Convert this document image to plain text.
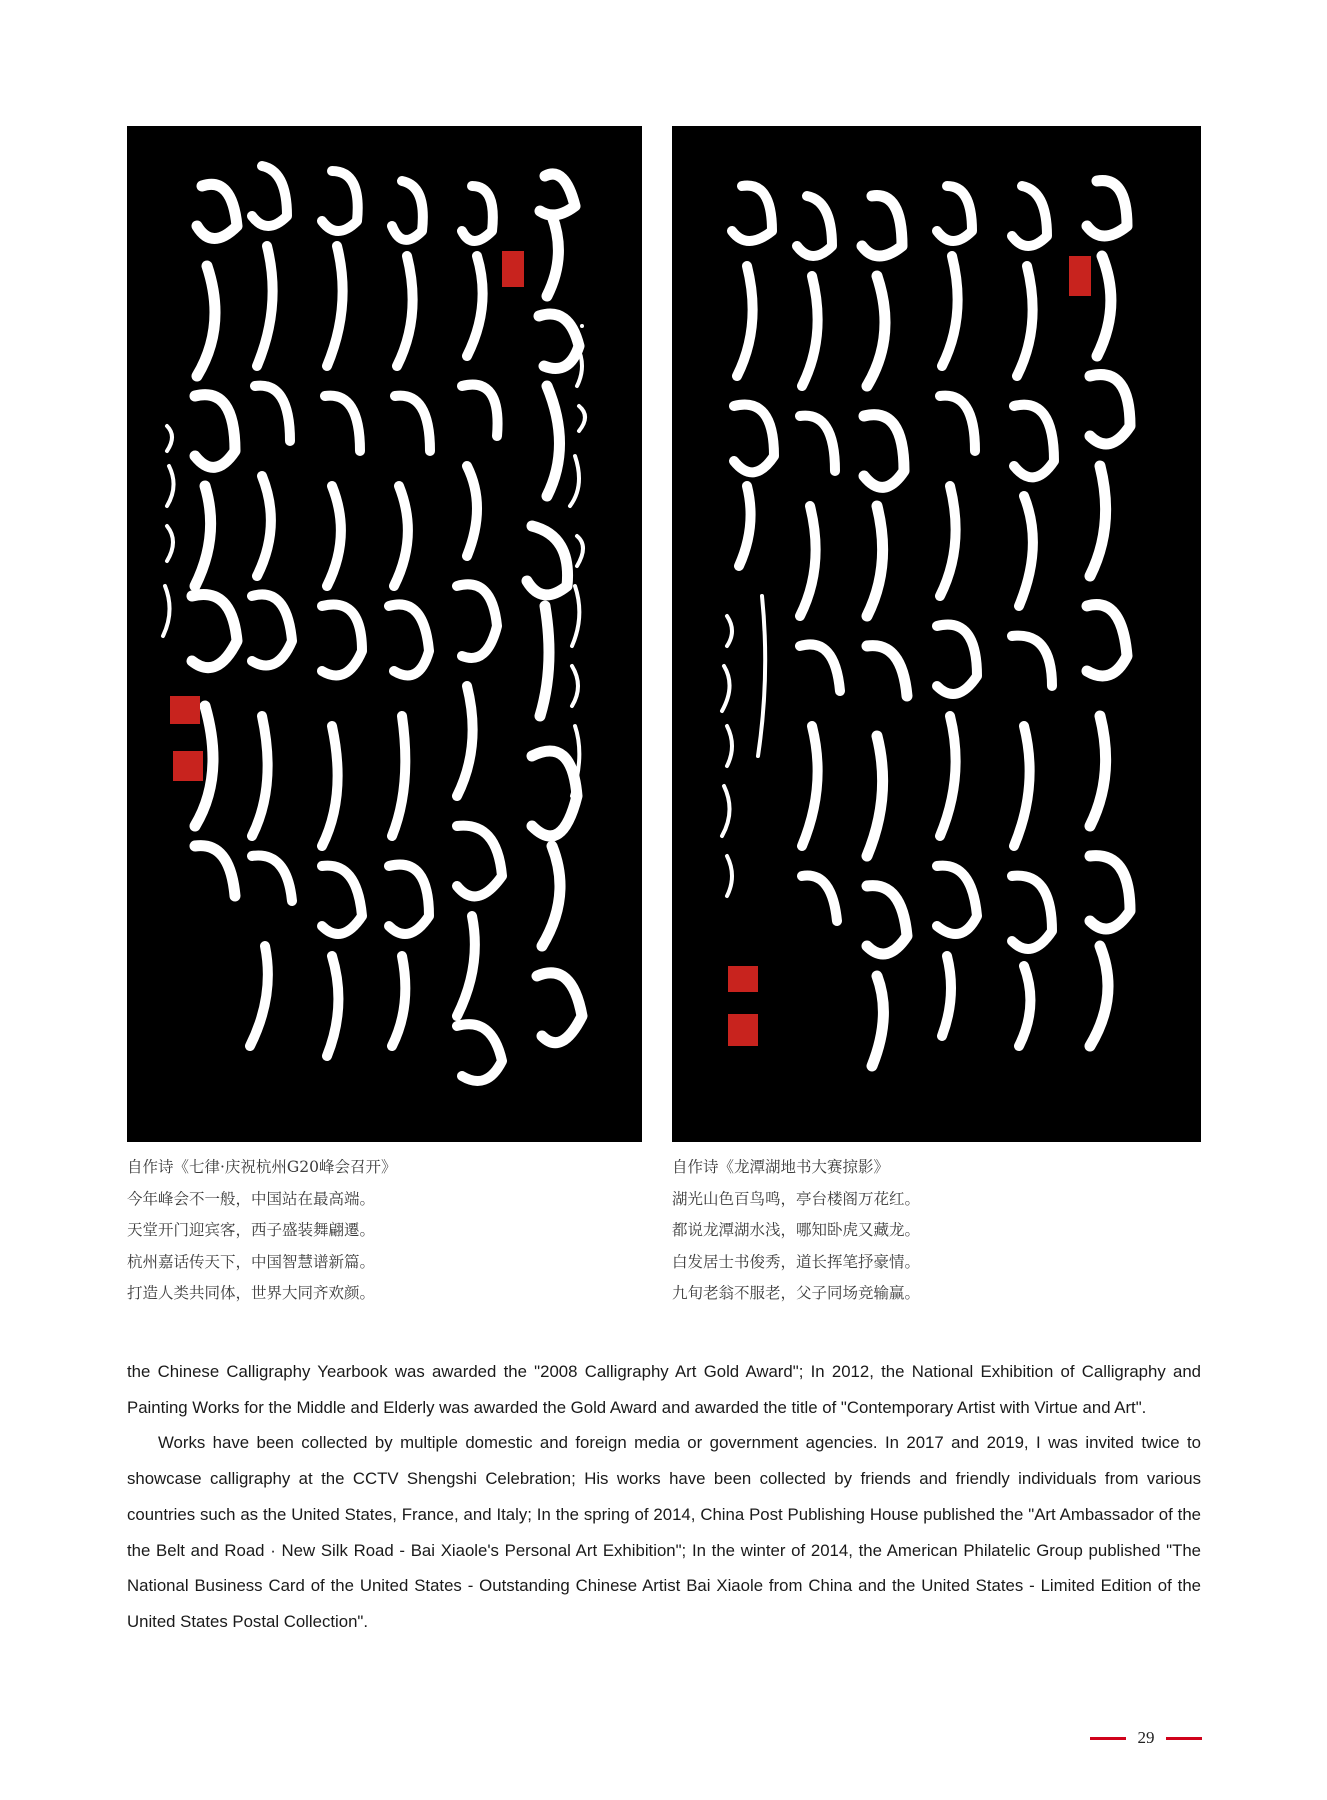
自作诗《七律·庆祝杭州G20峰会召开》
今年峰会不一般，中国站在最高端。
天堂开门迎宾客，西子盛装舞翩遷。
杭州嘉话传天下，中国智慧谱新篇。
打造人类共同体，世界大同齐欢颜。
自作诗《龙潭湖地书大赛掠影》
湖光山色百鸟鸣，亭台楼阁万花红。
都说龙潭湖水浅，哪知卧虎又藏龙。
白发居士书俊秀，道长挥笔抒豪情。
九旬老翁不服老，父子同场竞输赢。

the Chinese Calligraphy Yearbook was awarded the "2008 Calligraphy Art Gold Award"; In 2012, the National Exhibition of Calligraphy and Painting Works for the Middle and Elderly was awarded the Gold Award and awarded the title of "Contemporary Artist with Virtue and Art".

Works have been collected by multiple domestic and foreign media or government agencies. In 2017 and 2019, I was invited twice to showcase calligraphy at the CCTV Shengshi Celebration; His works have been collected by friends and friendly individuals from various countries such as the United States, France, and Italy; In the spring of 2014, China Post Publishing House published the "Art Ambassador of the the Belt and Road · New Silk Road - Bai Xiaole's Personal Art Exhibition"; In the winter of 2014, the American Philatelic Group published "The National Business Card of the United States - Outstanding Chinese Artist Bai Xiaole from China and the United States - Limited Edition of the United States Postal Collection".

29
